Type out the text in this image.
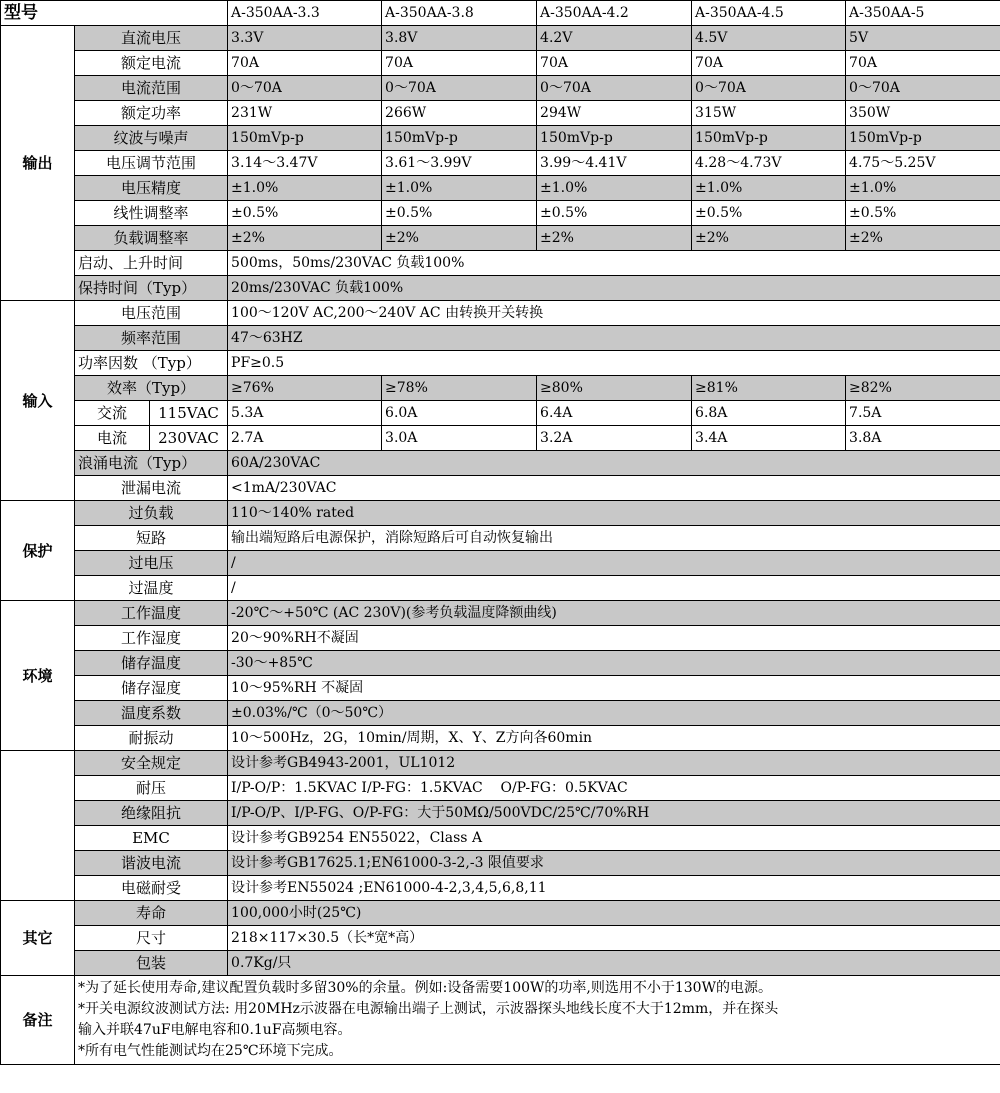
型号			A-350AA-3.3	A-350AA-3.8	A-350AA-4.2	A-350AA-4.5	A-350AA-5
输出	直流电压		3.3V	3.8V	4.2V	4.5V	5V
	额定电流		70A	70A	70A	70A	70A
	电流范围		0～70A	0～70A	0～70A	0～70A	0～70A
	额定功率		231W	266W	294W	315W	350W
	纹波与噪声		150mVp-p	150mVp-p	150mVp-p	150mVp-p	150mVp-p
	电压调节范围		3.14～3.47V	3.61～3.99V	3.99～4.41V	4.28～4.73V	4.75～5.25V
	电压精度		±1.0%	±1.0%	±1.0%	±1.0%	±1.0%
	线性调整率		±0.5%	±0.5%	±0.5%	±0.5%	±0.5%
	负载调整率		±2%	±2%	±2%	±2%	±2%
	启动、上升时间		500ms，50ms/230VAC 负载100%				
	保持时间（Typ）		20ms/230VAC 负载100%				
输入	电压范围		100～120V AC,200～240V AC 由转换开关转换				
	频率范围		47～63HZ				
	功率因数 （Typ）		PF≥0.5				
	效率（Typ）		≥76%	≥78%	≥80%	≥81%	≥82%
	交流	115VAC	5.3A	6.0A	6.4A	6.8A	7.5A
	电流	230VAC	2.7A	3.0A	3.2A	3.4A	3.8A
	浪涌电流（Typ）		60A/230VAC				
	泄漏电流		<1mA/230VAC				
保护	过负载		110～140% rated				
	短路		输出端短路后电源保护，消除短路后可自动恢复输出				
	过电压		/				
	过温度		/				
环境	工作温度		-20℃～+50℃ (AC 230V)(参考负载温度降额曲线)				
	工作湿度		20～90%RH不凝固				
	储存温度		-30～+85℃				
	储存湿度		10～95%RH 不凝固				
	温度系数		±0.03%/℃（0～50℃）				
	耐振动		10～500Hz，2G，10min/周期，X、Y、Z方向各60min				
	安全规定		设计参考GB4943-2001，UL1012				
	耐压		I/P-O/P：1.5KVAC I/P-FG：1.5KVAC    O/P-FG：0.5KVAC				
	绝缘阻抗		I/P-O/P、I/P-FG、O/P-FG：大于50MΩ/500VDC/25℃/70%RH				
	EMC		设计参考GB9254 EN55022，Class A				
	谐波电流		设计参考GB17625.1;EN61000-3-2,-3 限值要求				
	电磁耐受		设计参考EN55024 ;EN61000-4-2,3,4,5,6,8,11				
其它	寿命		100,000小时(25℃)				
	尺寸		218×117×30.5（长*宽*高）				
	包装		0.7Kg/只				
备注	*为了延长使用寿命,建议配置负载时多留30%的余量。例如:设备需要100W的功率,则选用不小于130W的电源。
*开关电源纹波测试方法: 用20MHz示波器在电源输出端子上测试，示波器探头地线长度不大于12mm，并在探头
输入并联47uF电解电容和0.1uF高频电容。
*所有电气性能测试均在25℃环境下完成。						
